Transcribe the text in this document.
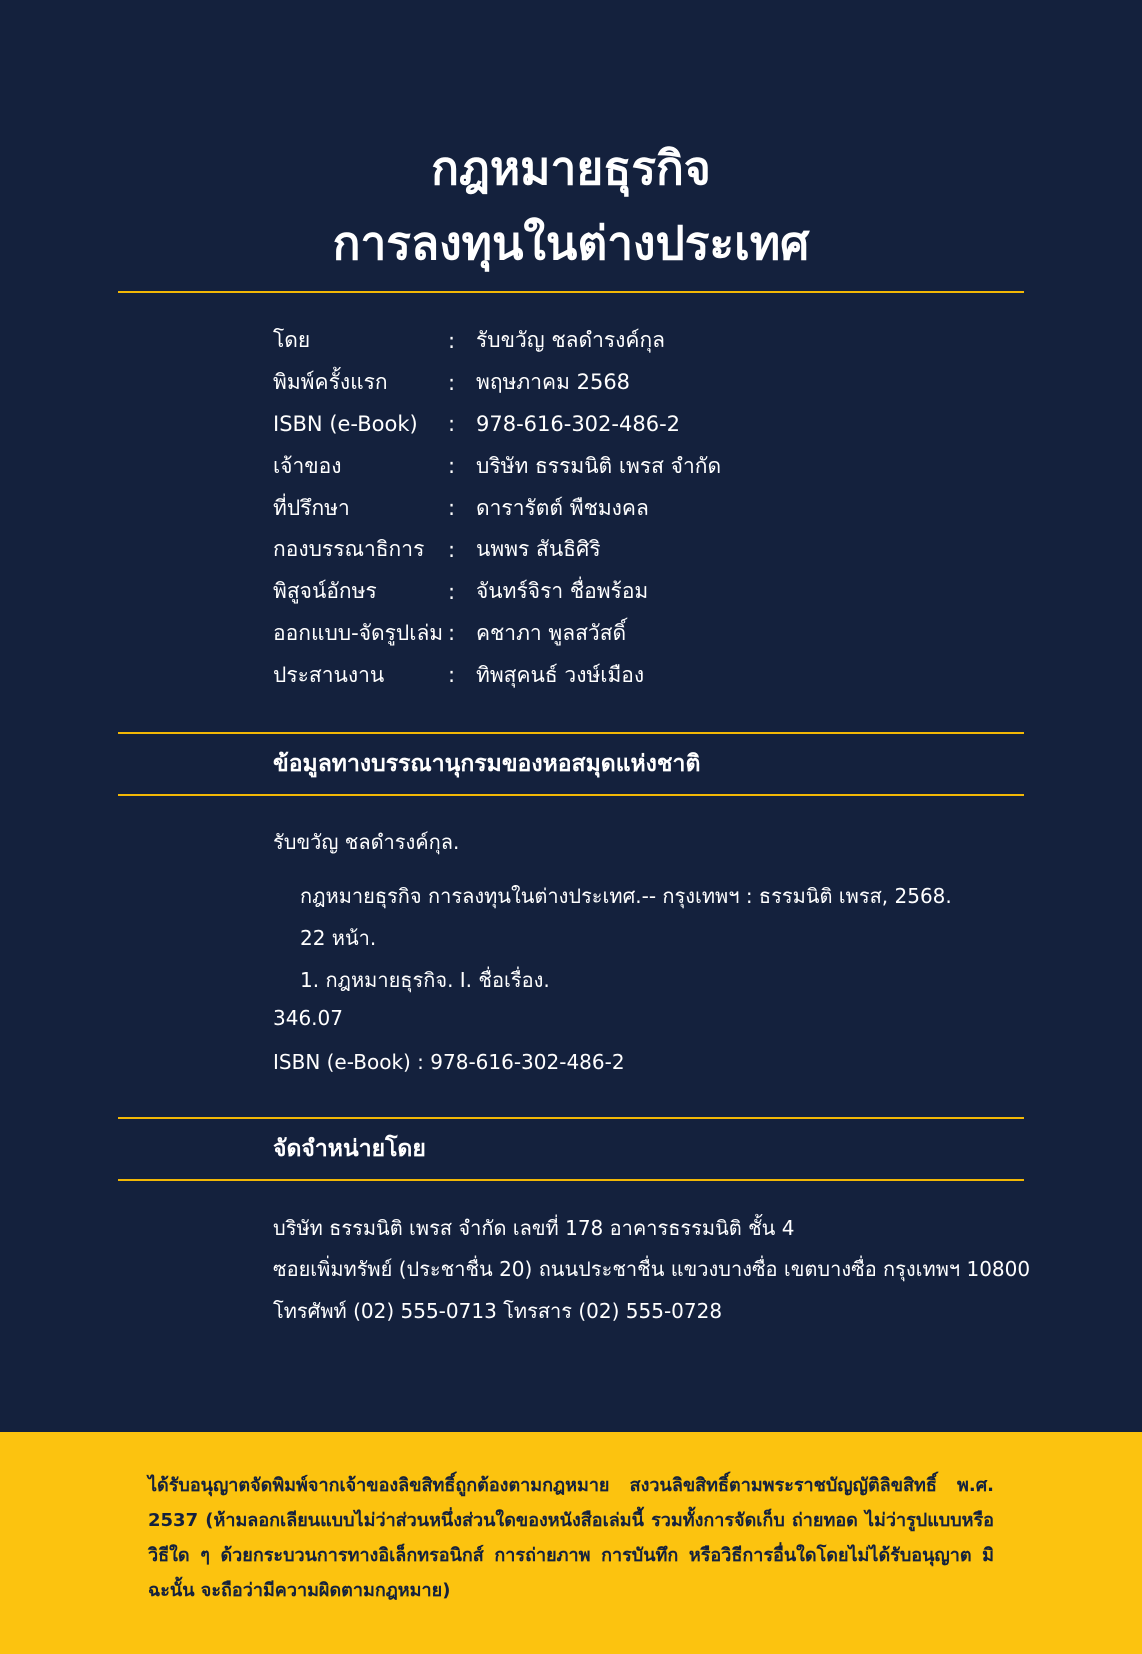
กฎหมายธุรกิจ
การลงทุนในต่างประเทศ
โดย	: รับขวัญ ชลดำรงค์กุล
พิมพ์ครั้งแรก	: พฤษภาคม 2568
ISBN (e-Book)	: 978-616-302-486-2
เจ้าของ	: บริษัท ธรรมนิติ เพรส จำกัด
ที่ปรึกษา	: ดารารัตต์ พืชมงคล
กองบรรณาธิการ	: นพพร สันธิศิริ
พิสูจน์อักษร	: จันทร์จิรา ชื่อพร้อม
ออกแบบ-จัดรูปเล่ม : คชาภา พูลสวัสดิ์
ประสานงาน	: ทิพสุคนธ์ วงษ์เมือง
ข้อมูลทางบรรณานุกรมของหอสมุดแห่งชาติ
รับขวัญ ชลดำรงค์กุล.
กฎหมายธุรกิจ การลงทุนในต่างประเทศ.-- กรุงเทพฯ : ธรรมนิติ เพรส, 2568.
22 หน้า.
1. กฎหมายธุรกิจ. I. ชื่อเรื่อง.
346.07
ISBN (e-Book) : 978-616-302-486-2
จัดจำหน่ายโดย
บริษัท ธรรมนิติ เพรส จำกัด เลขที่ 178 อาคารธรรมนิติ ชั้น 4
ซอยเพิ่มทรัพย์ (ประชาชื่น 20) ถนนประชาชื่น แขวงบางซื่อ เขตบางซื่อ กรุงเทพฯ 10800
โทรศัพท์ (02) 555-0713 โทรสาร (02) 555-0728
ได้รับอนุญาตจัดพิมพ์จากเจ้าของลิขสิทธิ์ถูกต้องตามกฎหมาย สงวนลิขสิทธิ์ตามพระราชบัญญัติลิขสิทธิ์ พ.ศ. 2537 (ห้ามลอกเลียนแบบไม่ว่าส่วนหนึ่งส่วนใดของหนังสือเล่มนี้ รวมทั้งการจัดเก็บ ถ่ายทอด ไม่ว่ารูปแบบหรือวิธีใด ๆ ด้วยกระบวนการทางอิเล็กทรอนิกส์ การถ่ายภาพ การบันทึก หรือวิธีการอื่นใดโดยไม่ได้รับอนุญาต มิฉะนั้น จะถือว่ามีความผิดตามกฎหมาย)
